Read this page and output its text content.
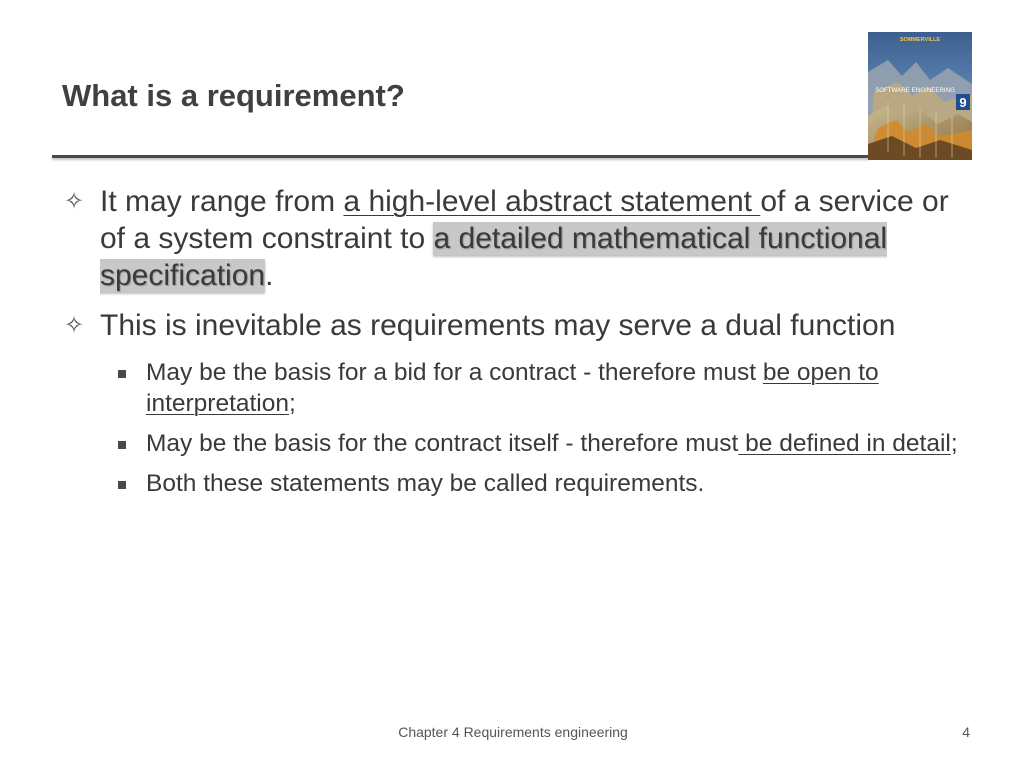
What is a requirement?
SOMMERVILLE
SOFTWARE ENGINEERING
9
✧ It may range from a high-level abstract statement of a service or of a system constraint to a detailed mathematical functional specification.
✧ This is inevitable as requirements may serve a dual function
May be the basis for a bid for a contract - therefore must be open to interpretation;
May be the basis for the contract itself - therefore must be defined in detail;
Both these statements may be called requirements.
Chapter 4 Requirements engineering	4
